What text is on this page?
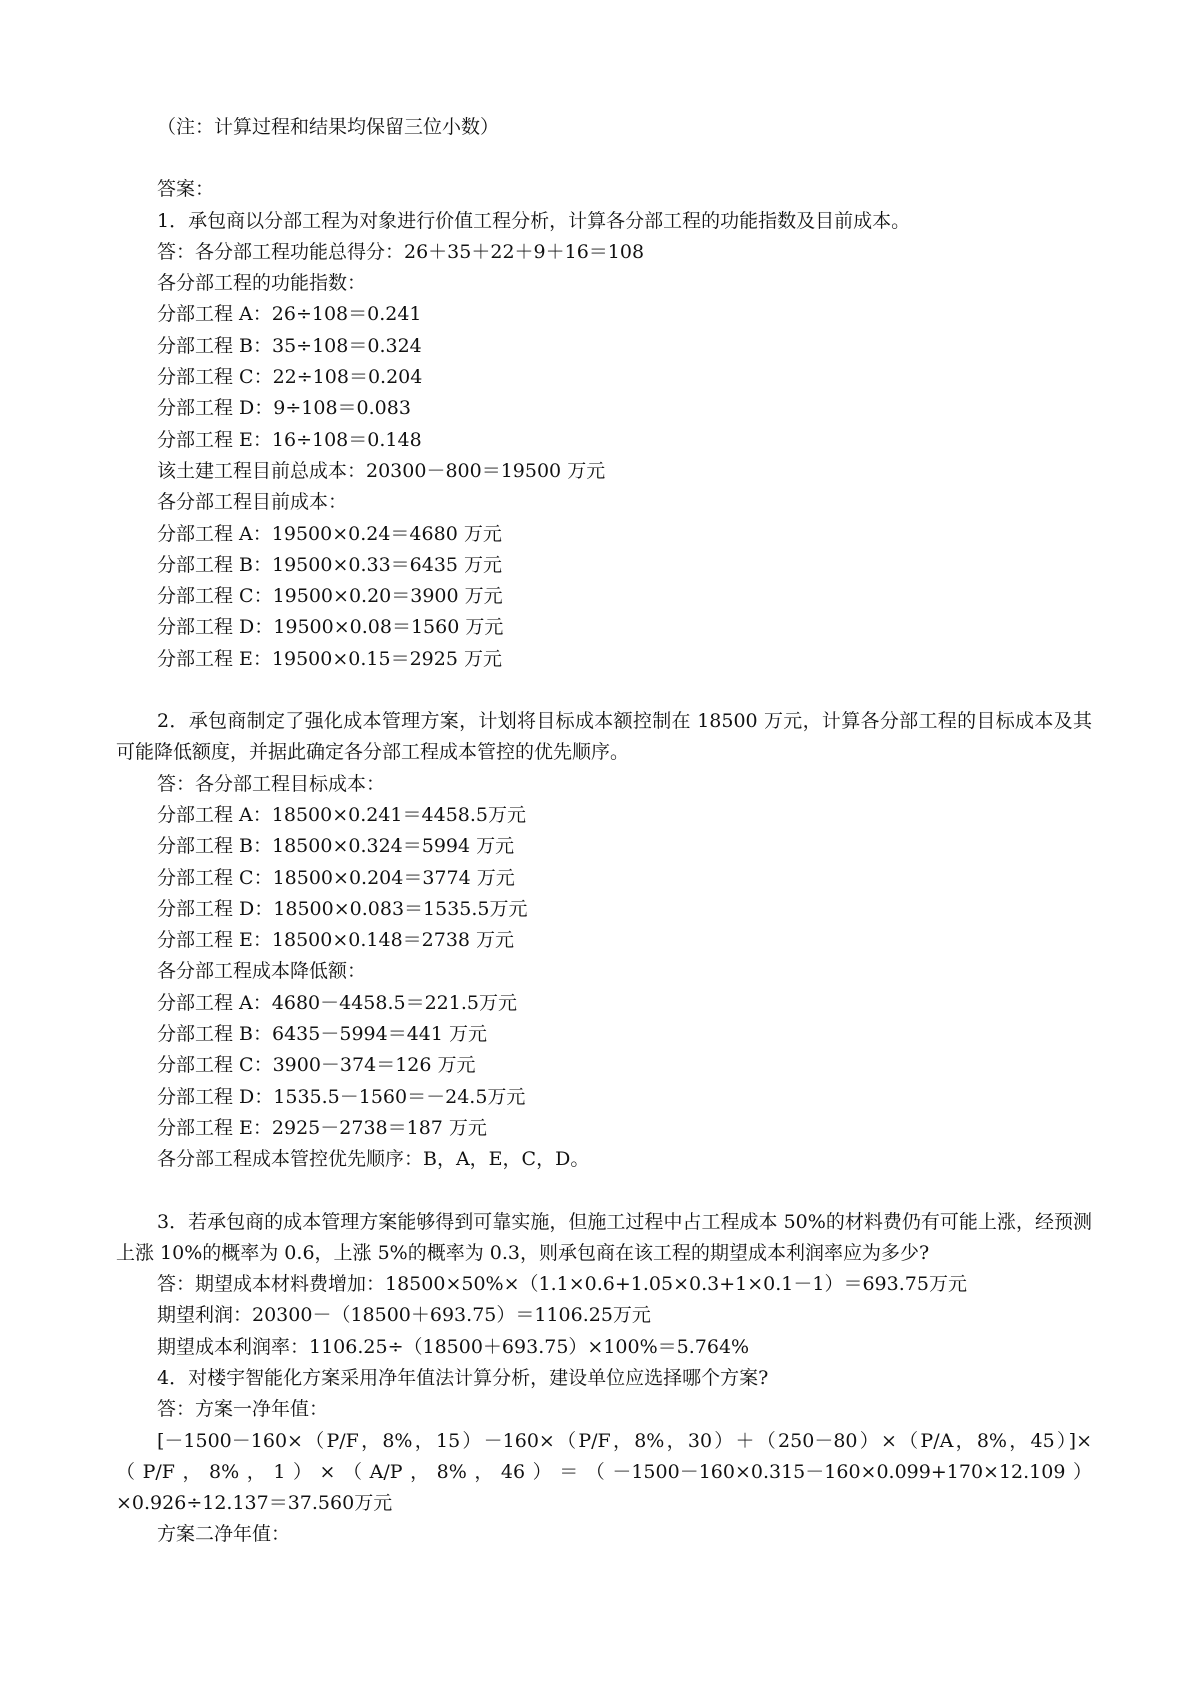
（注：计算过程和结果均保留三位小数）

答案：

1．承包商以分部工程为对象进行价值工程分析，计算各分部工程的功能指数及目前成本。

答：各分部工程功能总得分：26＋35＋22＋9＋16＝108

各分部工程的功能指数：

分部工程 A：26÷108＝0.241

分部工程 B：35÷108＝0.324

分部工程 C：22÷108＝0.204

分部工程 D：9÷108＝0.083

分部工程 E：16÷108＝0.148

该土建工程目前总成本：20300－800＝19500 万元

各分部工程目前成本：

分部工程 A：19500×0.24＝4680 万元

分部工程 B：19500×0.33＝6435 万元

分部工程 C：19500×0.20＝3900 万元

分部工程 D：19500×0.08＝1560 万元

分部工程 E：19500×0.15＝2925 万元

2．承包商制定了强化成本管理方案，计划将目标成本额控制在 18500 万元，计算各分部工程的目标成本及其可能降低额度，并据此确定各分部工程成本管控的优先顺序。

答：各分部工程目标成本：

分部工程 A：18500×0.241＝4458.5万元

分部工程 B：18500×0.324＝5994 万元

分部工程 C：18500×0.204＝3774 万元

分部工程 D：18500×0.083＝1535.5万元

分部工程 E：18500×0.148＝2738 万元

各分部工程成本降低额：

分部工程 A：4680－4458.5＝221.5万元

分部工程 B：6435－5994＝441 万元

分部工程 C：3900－374＝126 万元

分部工程 D：1535.5－1560＝－24.5万元

分部工程 E：2925－2738＝187 万元

各分部工程成本管控优先顺序：B，A，E，C，D。

3．若承包商的成本管理方案能够得到可靠实施，但施工过程中占工程成本 50%的材料费仍有可能上涨，经预测上涨 10%的概率为 0.6，上涨 5%的概率为 0.3，则承包商在该工程的期望成本利润率应为多少?

答：期望成本材料费增加：18500×50%×（1.1×0.6+1.05×0.3+1×0.1－1）＝693.75万元

期望利润：20300－（18500＋693.75）＝1106.25万元

期望成本利润率：1106.25÷（18500＋693.75）×100%＝5.764%

4．对楼宇智能化方案采用净年值法计算分析，建设单位应选择哪个方案?

答：方案一净年值：

[－1500－160×（P/F，8%，15）－160×（P/F，8%，30）＋（250－80）×（P/A，8%，45）]×（P/F，8%，1）×（A/P，8%，46）＝（－1500－160×0.315－160×0.099+170×12.109）×0.926÷12.137＝37.560万元

方案二净年值：
